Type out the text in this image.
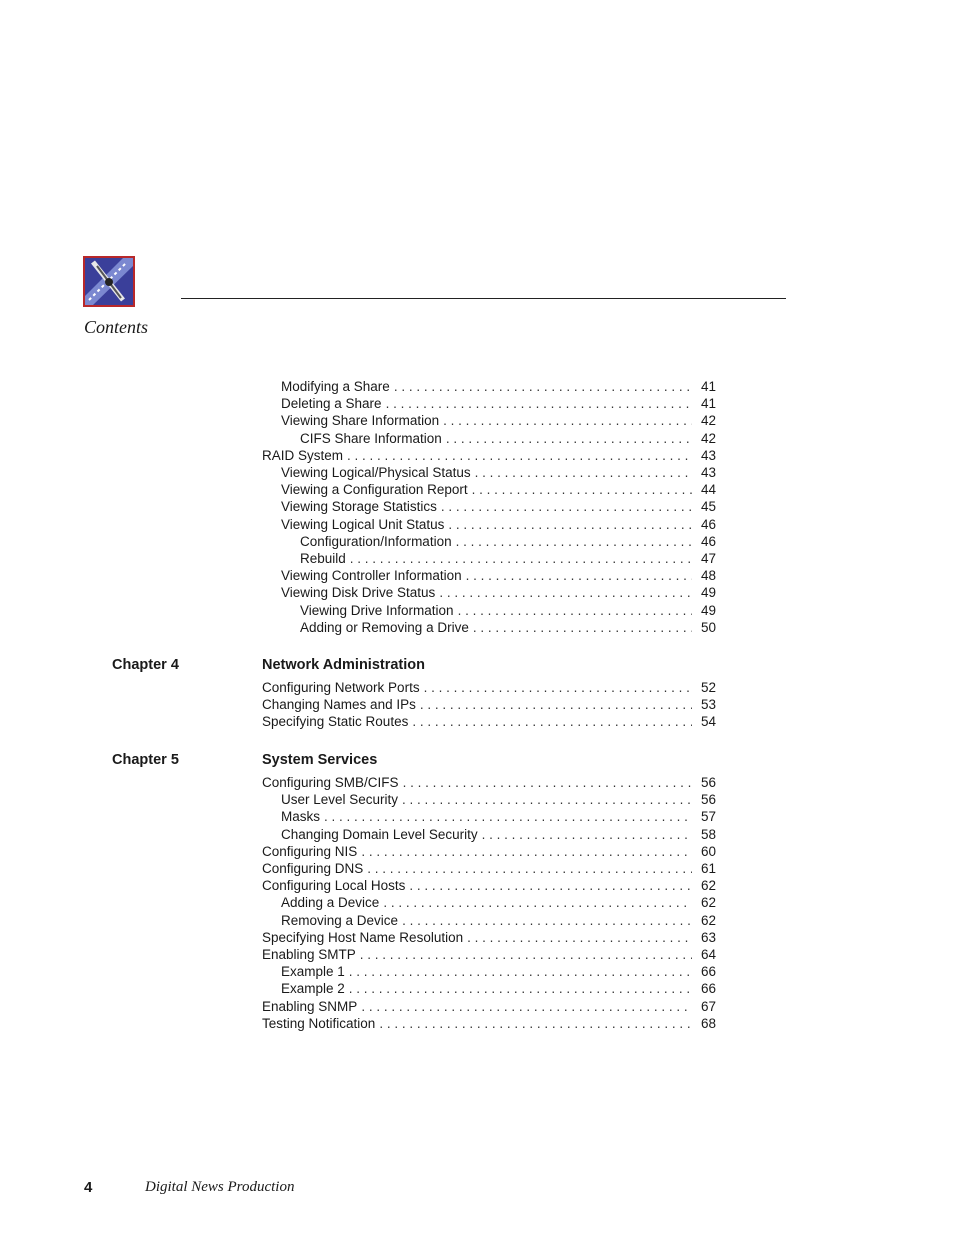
Contents
Modifying a Share . . .	41
Deleting a Share . . .	41
Viewing Share Information . . .	42
CIFS Share Information . . .	42
RAID System . . .	43
Viewing Logical/Physical Status . . .	43
Viewing a Configuration Report . . .	44
Viewing Storage Statistics . . .	45
Viewing Logical Unit Status . . .	46
Configuration/Information . . .	46
Rebuild . . .	47
Viewing Controller Information . . .	48
Viewing Disk Drive Status . . .	49
Viewing Drive Information . . .	49
Adding or Removing a Drive . . .	50
Chapter 4	Network Administration
Configuring Network Ports . . .	52
Changing Names and IPs . . .	53
Specifying Static Routes . . .	54
Chapter 5	System Services
Configuring SMB/CIFS . . .	56
User Level Security . . .	56
Masks . . .	57
Changing Domain Level Security . . .	58
Configuring NIS . . .	60
Configuring DNS . . .	61
Configuring Local Hosts . . .	62
Adding a Device . . .	62
Removing a Device . . .	62
Specifying Host Name Resolution . . .	63
Enabling SMTP . . .	64
Example 1 . . .	66
Example 2 . . .	66
Enabling SNMP . . .	67
Testing Notification . . .	68
4	Digital News Production
